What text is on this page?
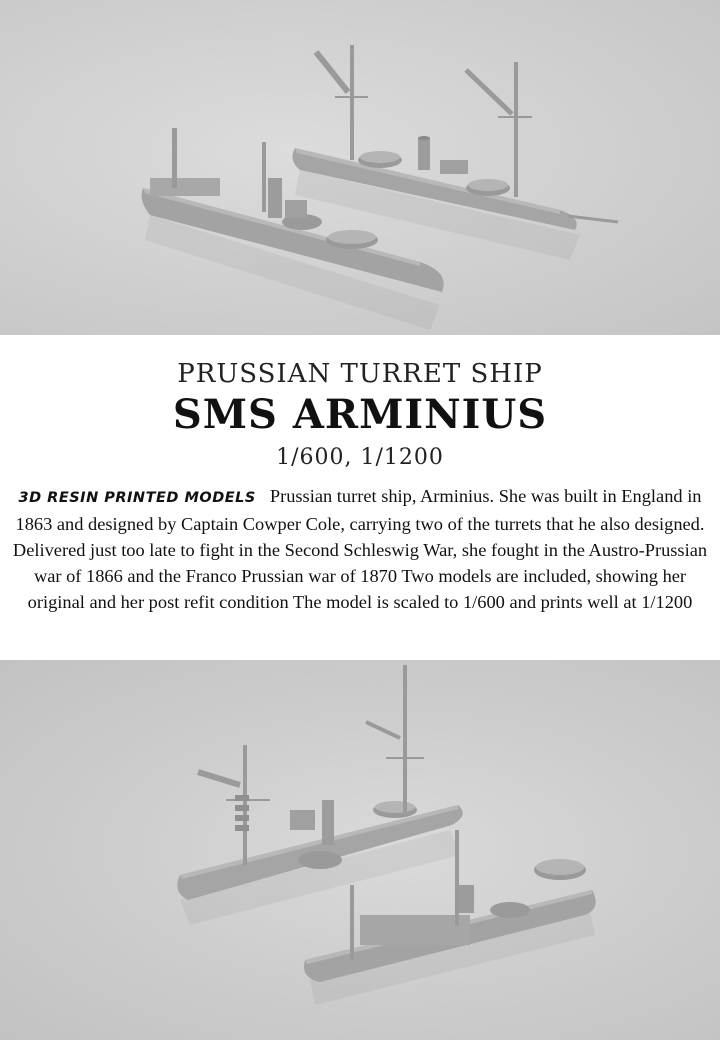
PRUSSIAN TURRET SHIP
SMS ARMINIUS
1/600, 1/1200

3D RESIN PRINTED MODELS Prussian turret ship, Arminius. She was built in England in 1863 and designed by Captain Cowper Cole, carrying two of the turrets that he also designed. Delivered just too late to fight in the Second Schleswig War, she fought in the Austro-Prussian war of 1866 and the Franco Prussian war of 1870 Two models are included, showing her original and her post refit condition The model is scaled to 1/600 and prints well at 1/1200
